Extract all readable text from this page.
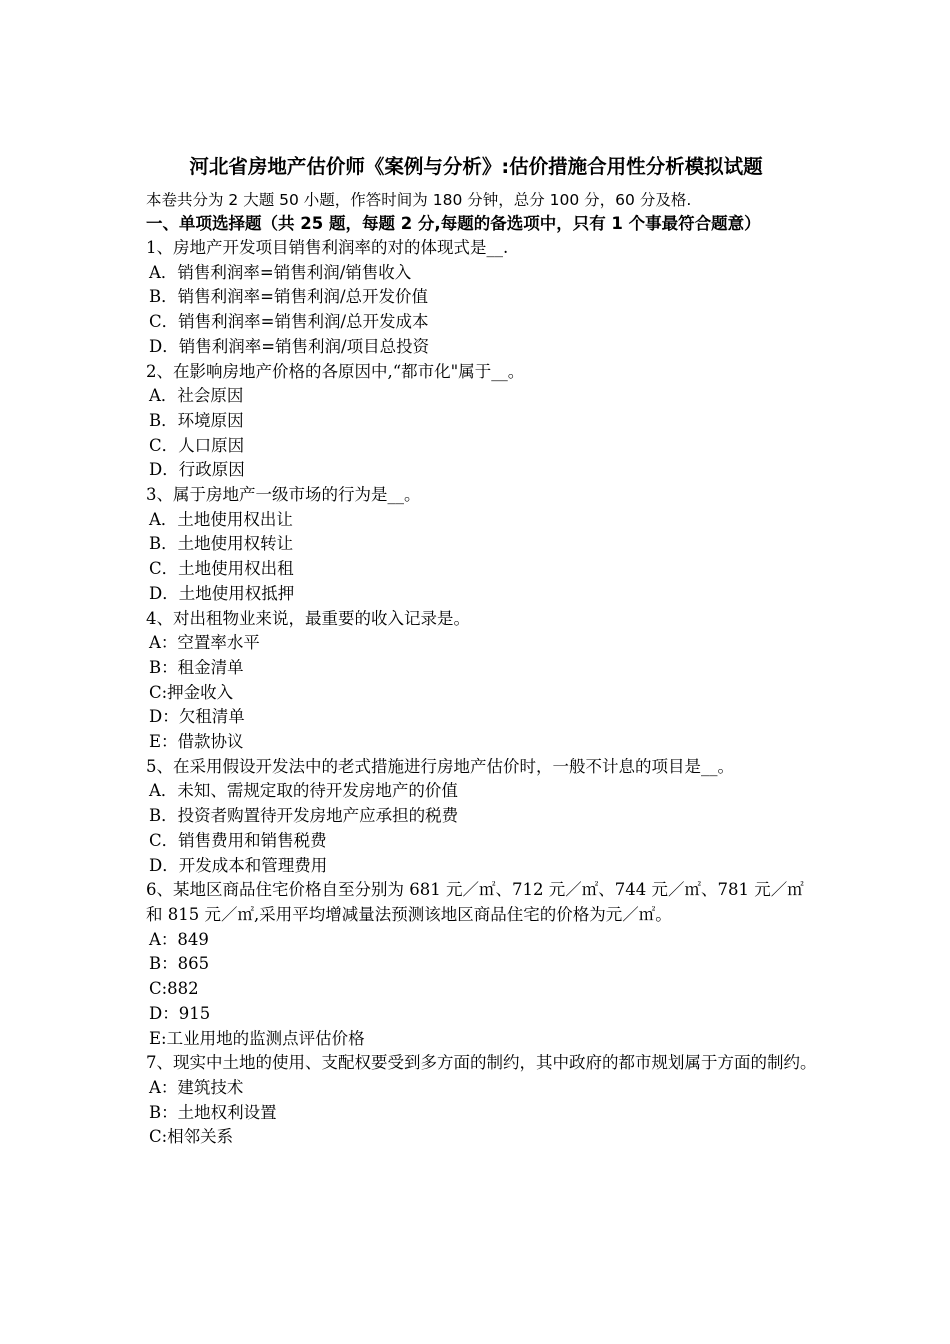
河北省房地产估价师《案例与分析》:估价措施合用性分析模拟试题

本卷共分为 2 大题 50 小题，作答时间为 180 分钟，总分 100 分，60 分及格.

一、单项选择题（共 25 题，每题 2 分,每题的备选项中，只有 1 个事最符合题意）

1、房地产开发项目销售利润率的对的体现式是__.

A．销售利润率=销售利润/销售收入

B．销售利润率=销售利润/总开发价值

C．销售利润率=销售利润/总开发成本

D．销售利润率=销售利润/项目总投资

2、在影响房地产价格的各原因中,“都市化"属于__。

A．社会原因

B．环境原因

C．人口原因

D．行政原因

3、属于房地产一级市场的行为是__。

A．土地使用权出让

B．土地使用权转让

C．土地使用权出租

D．土地使用权抵押

4、对出租物业来说，最重要的收入记录是。

A：空置率水平

B：租金清单

C:押金收入

D：欠租清单

E：借款协议

5、在采用假设开发法中的老式措施进行房地产估价时，一般不计息的项目是__。

A．未知、需规定取的待开发房地产的价值

B．投资者购置待开发房地产应承担的税费

C．销售费用和销售税费

D．开发成本和管理费用

6、某地区商品住宅价格自至分别为 681 元／㎡、712 元／㎡、744 元／㎡、781 元／㎡和 815 元／㎡,采用平均增减量法预测该地区商品住宅的价格为元／㎡。

A：849

B：865

C:882

D：915

E:工业用地的监测点评估价格

7、现实中土地的使用、支配权要受到多方面的制约，其中政府的都市规划属于方面的制约。

A：建筑技术

B：土地权利设置

C:相邻关系
